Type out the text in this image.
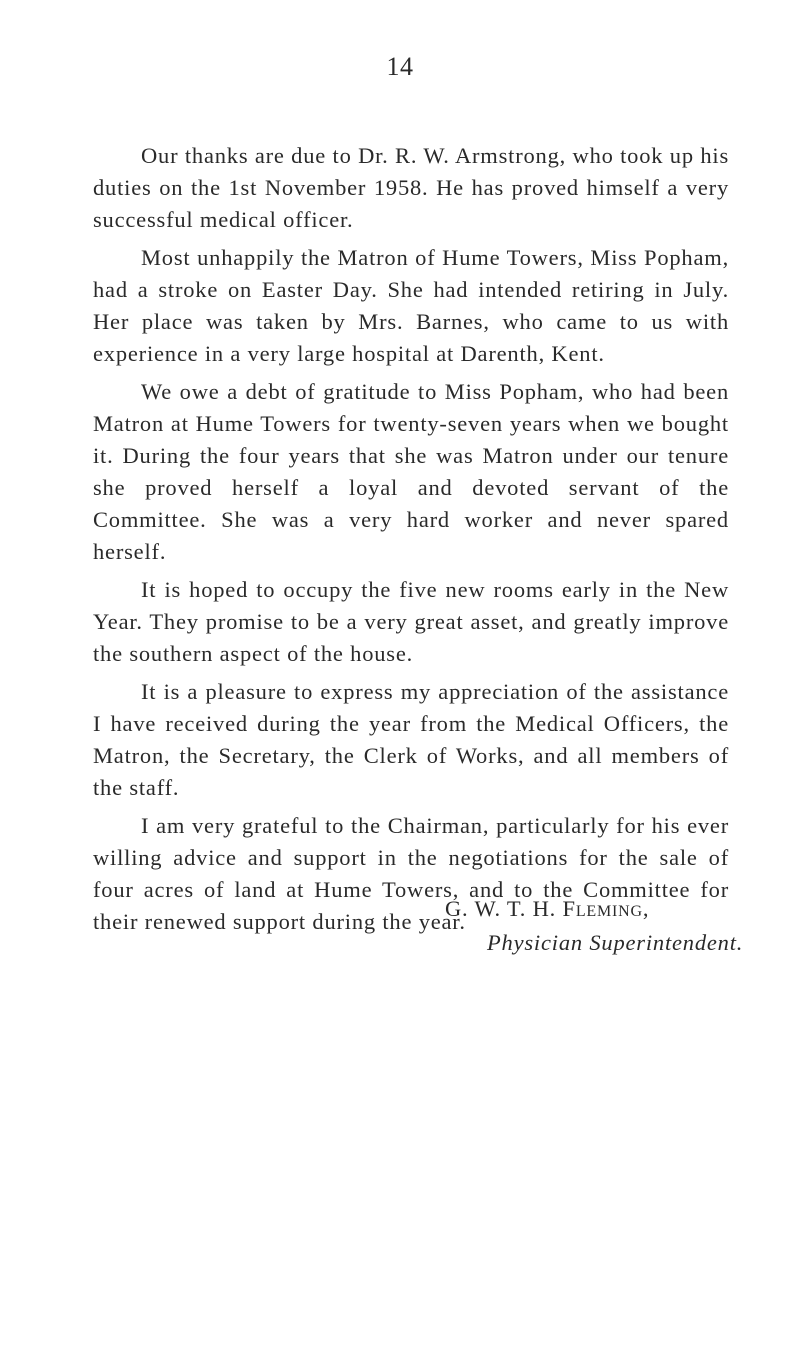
14

Our thanks are due to Dr. R. W. Armstrong, who took up his duties on the 1st November 1958. He has proved himself a very successful medical officer.

Most unhappily the Matron of Hume Towers, Miss Popham, had a stroke on Easter Day. She had intended retiring in July. Her place was taken by Mrs. Barnes, who came to us with experience in a very large hospital at Darenth, Kent.

We owe a debt of gratitude to Miss Popham, who had been Matron at Hume Towers for twenty-seven years when we bought it. During the four years that she was Matron under our tenure she proved herself a loyal and devoted servant of the Committee. She was a very hard worker and never spared herself.

It is hoped to occupy the five new rooms early in the New Year. They promise to be a very great asset, and greatly improve the southern aspect of the house.

It is a pleasure to express my appreciation of the assistance I have received during the year from the Medical Officers, the Matron, the Secretary, the Clerk of Works, and all members of the staff.

I am very grateful to the Chairman, particularly for his ever willing advice and support in the negotiations for the sale of four acres of land at Hume Towers, and to the Committee for their renewed support during the year.

G. W. T. H. Fleming,

Physician Superintendent.
